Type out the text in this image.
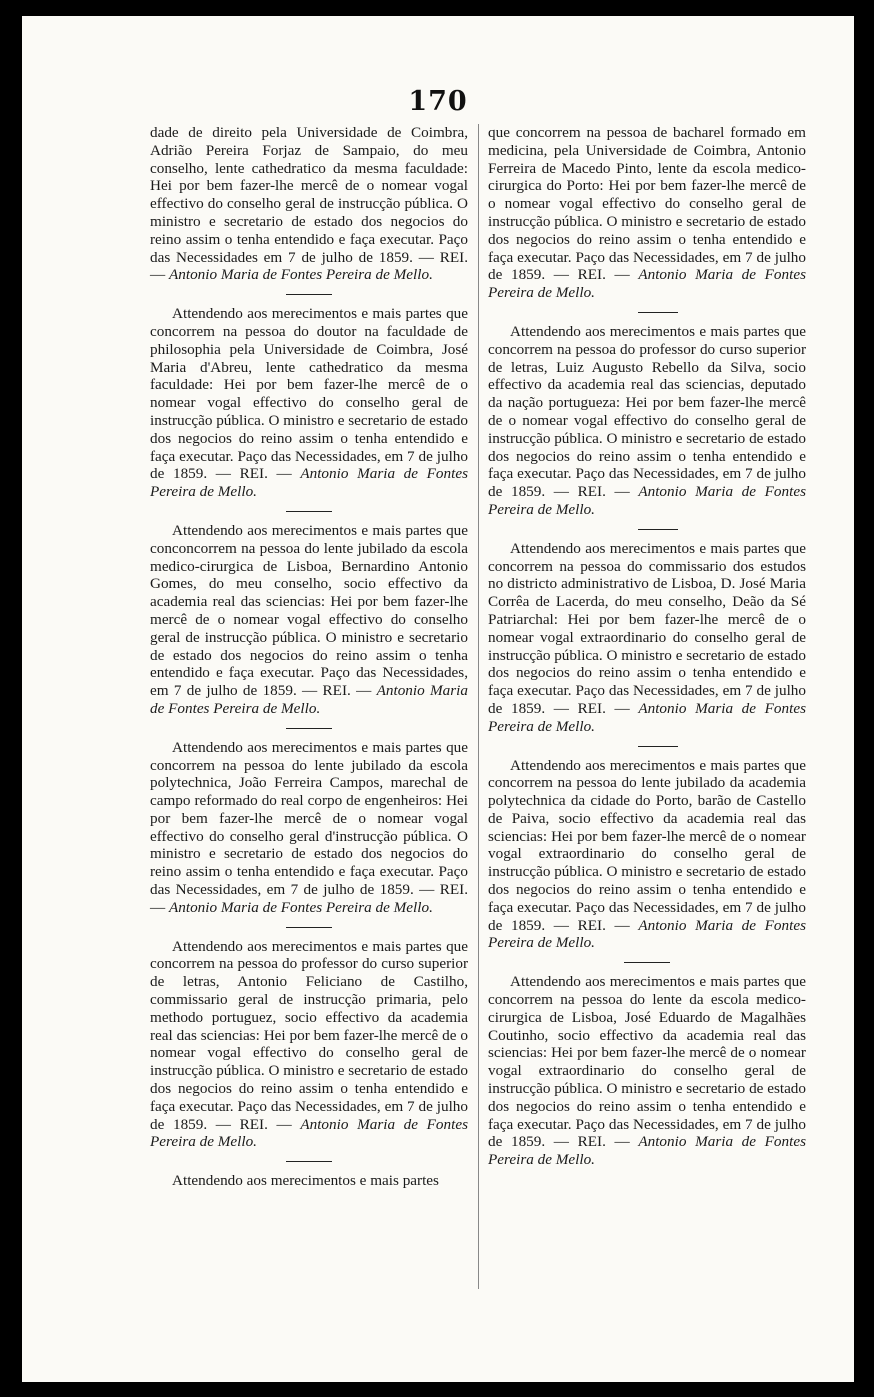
170

dade de direito pela Universidade de Coimbra, Adrião Pereira Forjaz de Sampaio, do meu conselho, lente cathedratico da mesma faculdade: Hei por bem fazer-lhe mercê de o nomear vogal effectivo do conselho geral de instrucção pública. O ministro e secretario de estado dos negocios do reino assim o tenha entendido e faça executar. Paço das Necessidades em 7 de julho de 1859. — REI. — Antonio Maria de Fontes Pereira de Mello.

Attendendo aos merecimentos e mais partes que concorrem na pessoa do doutor na faculdade de philosophia pela Universidade de Coimbra, José Maria d'Abreu, lente cathedratico da mesma faculdade: Hei por bem fazer-lhe mercê de o nomear vogal effectivo do conselho geral de instrucção pública. O ministro e secretario de estado dos negocios do reino assim o tenha entendido e faça executar. Paço das Necessidades, em 7 de julho de 1859. — REI. — Antonio Maria de Fontes Pereira de Mello.

Attendendo aos merecimentos e mais partes que conconcorrem na pessoa do lente jubilado da escola medico-cirurgica de Lisboa, Bernardino Antonio Gomes, do meu conselho, socio effectivo da academia real das sciencias: Hei por bem fazer-lhe mercê de o nomear vogal effectivo do conselho geral de instrucção pública. O ministro e secretario de estado dos negocios do reino assim o tenha entendido e faça executar. Paço das Necessidades, em 7 de julho de 1859. — REI. — Antonio Maria de Fontes Pereira de Mello.

Attendendo aos merecimentos e mais partes que concorrem na pessoa do lente jubilado da escola polytechnica, João Ferreira Campos, marechal de campo reformado do real corpo de engenheiros: Hei por bem fazer-lhe mercê de o nomear vogal effectivo do conselho geral d'instrucção pública. O ministro e secretario de estado dos negocios do reino assim o tenha entendido e faça executar. Paço das Necessidades, em 7 de julho de 1859. — REI. — Antonio Maria de Fontes Pereira de Mello.

Attendendo aos merecimentos e mais partes que concorrem na pessoa do professor do curso superior de letras, Antonio Feliciano de Castilho, commissario geral de instrucção primaria, pelo methodo portuguez, socio effectivo da academia real das sciencias: Hei por bem fazer-lhe mercê de o nomear vogal effectivo do conselho geral de instrucção pública. O ministro e secretario de estado dos negocios do reino assim o tenha entendido e faça executar. Paço das Necessidades, em 7 de julho de 1859. — REI. — Antonio Maria de Fontes Pereira de Mello.

Attendendo aos merecimentos e mais partes

que concorrem na pessoa de bacharel formado em medicina, pela Universidade de Coimbra, Antonio Ferreira de Macedo Pinto, lente da escola medico-cirurgica do Porto: Hei por bem fazer-lhe mercê de o nomear vogal effectivo do conselho geral de instrucção pública. O ministro e secretario de estado dos negocios do reino assim o tenha entendido e faça executar. Paço das Necessidades, em 7 de julho de 1859. — REI. — Antonio Maria de Fontes Pereira de Mello.

Attendendo aos merecimentos e mais partes que concorrem na pessoa do professor do curso superior de letras, Luiz Augusto Rebello da Silva, socio effectivo da academia real das sciencias, deputado da nação portugueza: Hei por bem fazer-lhe mercê de o nomear vogal effectivo do conselho geral de instrucção pública. O ministro e secretario de estado dos negocios do reino assim o tenha entendido e faça executar. Paço das Necessidades, em 7 de julho de 1859. — REI. — Antonio Maria de Fontes Pereira de Mello.

Attendendo aos merecimentos e mais partes que concorrem na pessoa do commissario dos estudos no districto administrativo de Lisboa, D. José Maria Corrêa de Lacerda, do meu conselho, Deão da Sé Patriarchal: Hei por bem fazer-lhe mercê de o nomear vogal extraordinario do conselho geral de instrucção pública. O ministro e secretario de estado dos negocios do reino assim o tenha entendido e faça executar. Paço das Necessidades, em 7 de julho de 1859. — REI. — Antonio Maria de Fontes Pereira de Mello.

Attendendo aos merecimentos e mais partes que concorrem na pessoa do lente jubilado da academia polytechnica da cidade do Porto, barão de Castello de Paiva, socio effectivo da academia real das sciencias: Hei por bem fazer-lhe mercê de o nomear vogal extraordinario do conselho geral de instrucção pública. O ministro e secretario de estado dos negocios do reino assim o tenha entendido e faça executar. Paço das Necessidades, em 7 de julho de 1859. — REI. — Antonio Maria de Fontes Pereira de Mello.

Attendendo aos merecimentos e mais partes que concorrem na pessoa do lente da escola medico-cirurgica de Lisboa, José Eduardo de Magalhães Coutinho, socio effectivo da academia real das sciencias: Hei por bem fazer-lhe mercê de o nomear vogal extraordinario do conselho geral de instrucção pública. O ministro e secretario de estado dos negocios do reino assim o tenha entendido e faça executar. Paço das Necessidades, em 7 de julho de 1859. — REI. — Antonio Maria de Fontes Pereira de Mello.
